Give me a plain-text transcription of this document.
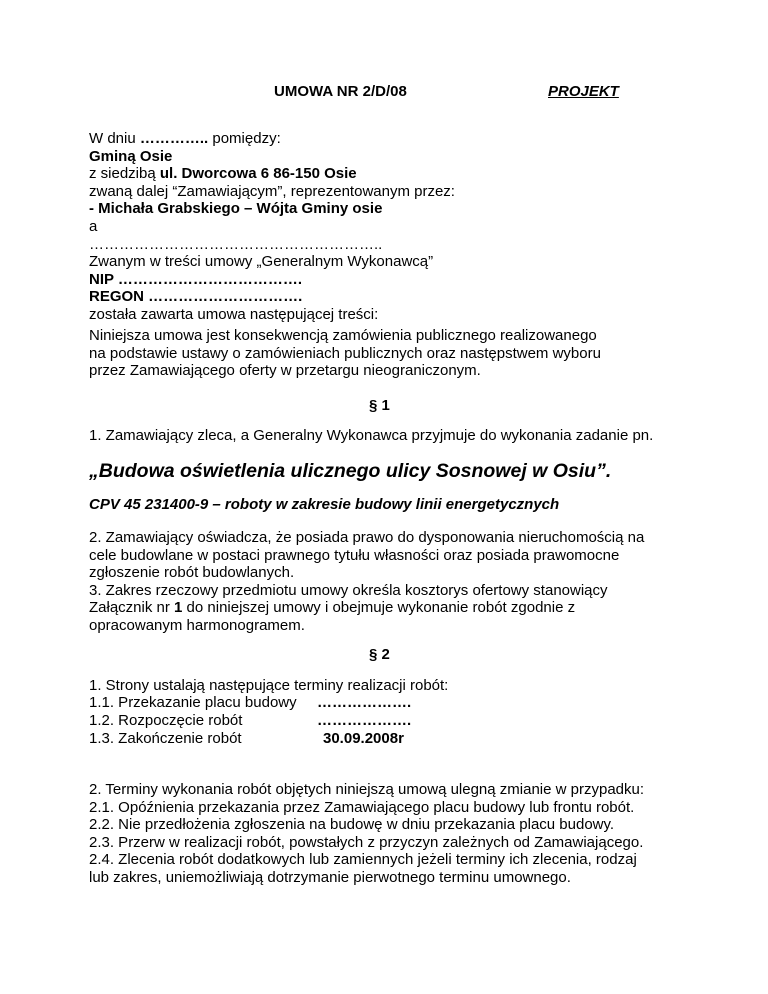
UMOWA NR 2/D/08	PROJEKT
W dniu ………….. pomiędzy:
Gminą Osie
z siedzibą ul. Dworcowa 6 86-150 Osie
zwaną dalej “Zamawiającym”, reprezentowanym przez:
- Michała Grabskiego – Wójta Gminy osie
a
…………………………………………………..
Zwanym w treści umowy „Generalnym Wykonawcą”
NIP ……………………………….
REGON ………………………….
została zawarta umowa następującej treści:
Niniejsza umowa jest konsekwencją zamówienia publicznego realizowanego
na podstawie ustawy o zamówieniach publicznych oraz następstwem wyboru
przez Zamawiającego oferty w przetargu nieograniczonym.
§ 1
1. Zamawiający zleca, a Generalny Wykonawca przyjmuje do wykonania zadanie pn.
„Budowa oświetlenia ulicznego ulicy Sosnowej w Osiu”.
CPV 45 231400-9 – roboty w zakresie budowy linii energetycznych
2. Zamawiający oświadcza, że posiada prawo do dysponowania nieruchomością na
cele budowlane w postaci prawnego tytułu własności oraz posiada prawomocne
zgłoszenie robót budowlanych.
3. Zakres rzeczowy przedmiotu umowy określa kosztorys ofertowy stanowiący
Załącznik nr 1 do niniejszej umowy i obejmuje wykonanie robót zgodnie z
opracowanym harmonogramem.
§ 2
1. Strony ustalają następujące terminy realizacji robót:
1.1. Przekazanie placu budowy ……………….
1.2. Rozpoczęcie robót	……………….
1.3. Zakończenie robót	30.09.2008r
2. Terminy wykonania robót objętych niniejszą umową ulegną zmianie w przypadku:
2.1. Opóźnienia przekazania przez Zamawiającego placu budowy lub frontu robót.
2.2. Nie przedłożenia zgłoszenia na budowę w dniu przekazania placu budowy.
2.3. Przerw w realizacji robót, powstałych z przyczyn zależnych od Zamawiającego.
2.4. Zlecenia robót dodatkowych lub zamiennych jeżeli terminy ich zlecenia, rodzaj
lub zakres, uniemożliwiają dotrzymanie pierwotnego terminu umownego.
